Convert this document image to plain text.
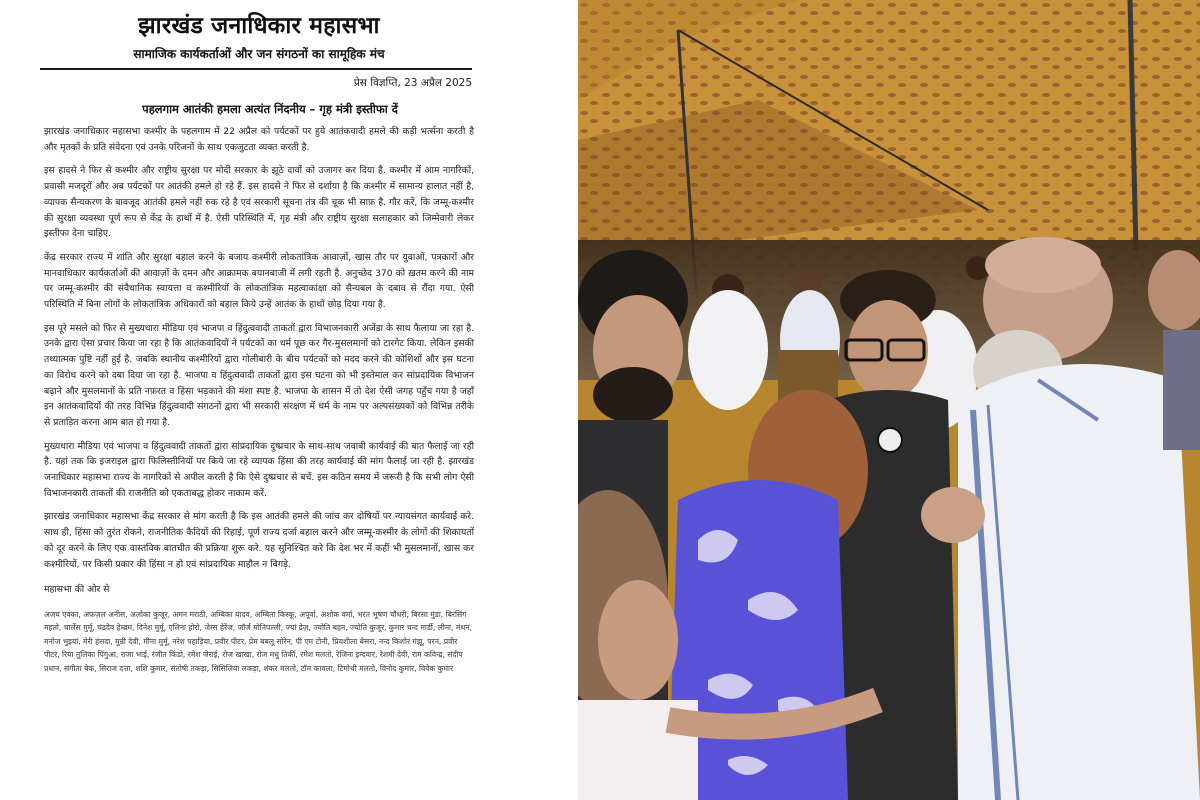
झारखंड जनाधिकार महासभा
सामाजिक कार्यकर्ताओं और जन संगठनों का सामूहिक मंच
प्रेस विज्ञप्ति, 23 अप्रैल 2025
पहलगाम आतंकी हमला अत्यंत निंदनीय – गृह मंत्री इस्तीफा दें

झारखंड जनाधिकार महासभा कश्मीर के पहलगाम में 22 अप्रैल को पर्यटकों पर हुये आतंकवादी हमले की कड़ी भर्त्सना करती है और मृतकों के प्रति संवेदना एवं उनके परिजनों के साथ एकजुटता व्यक्त करती है.

इस हादसे ने फिर से कश्मीर और राष्ट्रीय सुरक्षा पर मोदी सरकार के झूठे दावों को उजागर कर दिया है. कश्मीर में आम नागरिकों, प्रवासी मजदूरों और अब पर्यटकों पर आतंकी हमले हो रहे हैं. इस हादसे ने फिर से दर्शाया है कि कश्मीर में सामान्य हालात नहीं है, व्यापक सैन्यकरण के बावजूद आतंकी हमले नहीं रुक रहे है एवं सरकारी सूचना तंत्र की चूक भी साफ़ है. गौर करें, कि जम्मू-कश्मीर की सुरक्षा व्यवस्था पूर्ण रूप से केंद्र के हाथों में है. ऐसी परिस्थिति में, गृह मंत्री और राष्ट्रीय सुरक्षा सलाहकार को जिम्मेवारी लेकर इस्तीफा देना चाहिए.

केंद्र सरकार राज्य में शांति और सुरक्षा बहाल करने के बजाय कश्मीरी लोकतांत्रिक आवाज़ों, खास तौर पर युवाओं, पत्रकारों और मानवाधिकार कार्यकर्ताओं की आवाज़ों के दमन और आक्रामक बयानबाजी में लगी रहती है. अनुच्छेद 370 को ख़तम करने की नाम पर जम्मू-कश्मीर की संवैधानिक स्वायत्ता व कश्मीरियों के लोकतांत्रिक महत्वाकांक्षा को सैन्यबल के दबाव से रौंदा गया. ऐसी परिस्थिति में बिना लोगों के लोकतांत्रिक अधिकारों को बहाल किये उन्हें आतंक के हाथों छोड़ दिया गया है.

इस पूरे मसले को फिर से मुख्यधारा मीडिया एवं भाजपा व हिंदुत्ववादी ताकतों द्वारा विभाजनकारी अजेंडा के साथ फैलाया जा रहा है. उनके द्वारा ऐसा प्रचार किया जा रहा है कि आतंकवादियों ने पर्यटकों का धर्म पूछ कर गैर-मुसलमानों को टारगेट किया. लेकिन इसकी तथ्यात्मक पुष्टि नहीं हुई है. जबकि स्थानीय कश्मीरियों द्वारा गोलीबारी के बीच पर्यटकों को मदद करने की कोशिशों और इस घटना का विरोध करने को दबा दिया जा रहा है. भाजपा व हिंदुत्ववादी ताकतों द्वारा इस घटना को भी इस्तेमाल कर सांप्रदायिक विभाजन बढ़ाने और मुसलमानों के प्रति नफ़रत व हिंसा भड़काने की मंशा स्पष्ट है. भाजपा के शासन में तो देश ऐसी जगह पहुँच गया है जहाँ इन आतंकवादियों की तरह विभिन्न हिंदुत्ववादी संगठनों द्वारा भी सरकारी संरक्षण में धर्म के नाम पर अल्पसंख्यकों को विभिन्न तरीके से प्रताड़ित करना आम बात हो गया है.

मुख्यधारा मीडिया एवं भाजपा व हिंदुत्ववादी ताकतों द्वारा सांप्रदायिक दुष्प्रचार के साथ-साथ जवाबी कार्यवाई की बात फैलाई जा रही है. यहां तक कि इजराइल द्वारा फिलिस्तीनियों पर किये जा रहे व्यापक हिंसा की तरह कार्यवाई की मांग फैलाई जा रही है. झारखंड जनाधिकार महासभा राज्य के नागरिकों से अपील करती है कि ऐसे दुष्प्रचार से बचें. इस कठिन समय में जरूरी है कि सभी लोग ऐसी विभाजनकारी ताकतों की राजनीति को एकताबद्ध होकर नाकाम करें.

झारखंड जनाधिकार महासभा केंद्र सरकार से मांग करती है कि इस आतंकी हमले की जांच कर दोषियों पर न्यायसंगत कार्यवाई करे. साथ ही, हिंसा को तुरंत रोकने, राजनीतिक कैदियों की रिहाई, पूर्ण राज्य दर्जा बहाल करने और जम्मू-कश्मीर के लोगों की शिकायतों को दूर करने के लिए एक वास्तविक बातचीत की प्रक्रिया शुरू करे. यह सुनिश्चित करे कि देश भर में कहीं भी मुसलमानों, खास कर कश्मीरियों, पर किसी प्रकार की हिंसा न हो एवं सांप्रदायिक माहौल न बिगड़े.

महासभा की ओर से
अजय एक्का, अफ़ज़ल अनीस, अलोका कुजूर, अमन मराठी, अम्बिका यादव, अम्बिता किस्कू, अपूर्वा, अशोक वर्मा, भरत भूषण चौधरी, बिरसा मुंडा, बिरसिंग महतो, चार्लेस मुर्मू, चंद्रदेव हेम्ब्रम, दिनेश मुर्मू, एलिना होरो, जेम्स हेरेंज, जॉर्ज मोनिपल्ली, ज्यां द्रेज़, ज्योति बहन, ज्योति कुजूर, कुमार चन्द मार्डी, लीना, मंथन, मनोज भुइयां, मेरी हंसदा, मुन्नी देवी, मीना मुर्मू, नरेश पहाड़िया, प्रवीर पीटर, प्रेम बबलू सोरेन, पी एम टोनी, प्रियशीला बेसरा, नन्द किशोर गंझू, परन, प्रवीर पीटर, रिया तुलिका पिंगुआ, राजा भाई, रंजीत किंडो, रमेश जेराई, रोज खाखा, रोज मधु तिर्की, रमेश मलतो, रेजिना इन्दवार, रेशमी देवी, राम कविन्द्र, संदीप प्रधान, संगीता बेक, सिराज दत्ता, शशि कुमार, संतोषी तकड़ा, सिसिलिया लकड़ा, शंकर मलतो, टॉम कावला, टिमोथी मलतो, विनोद कुमार, विवेक कुमार
